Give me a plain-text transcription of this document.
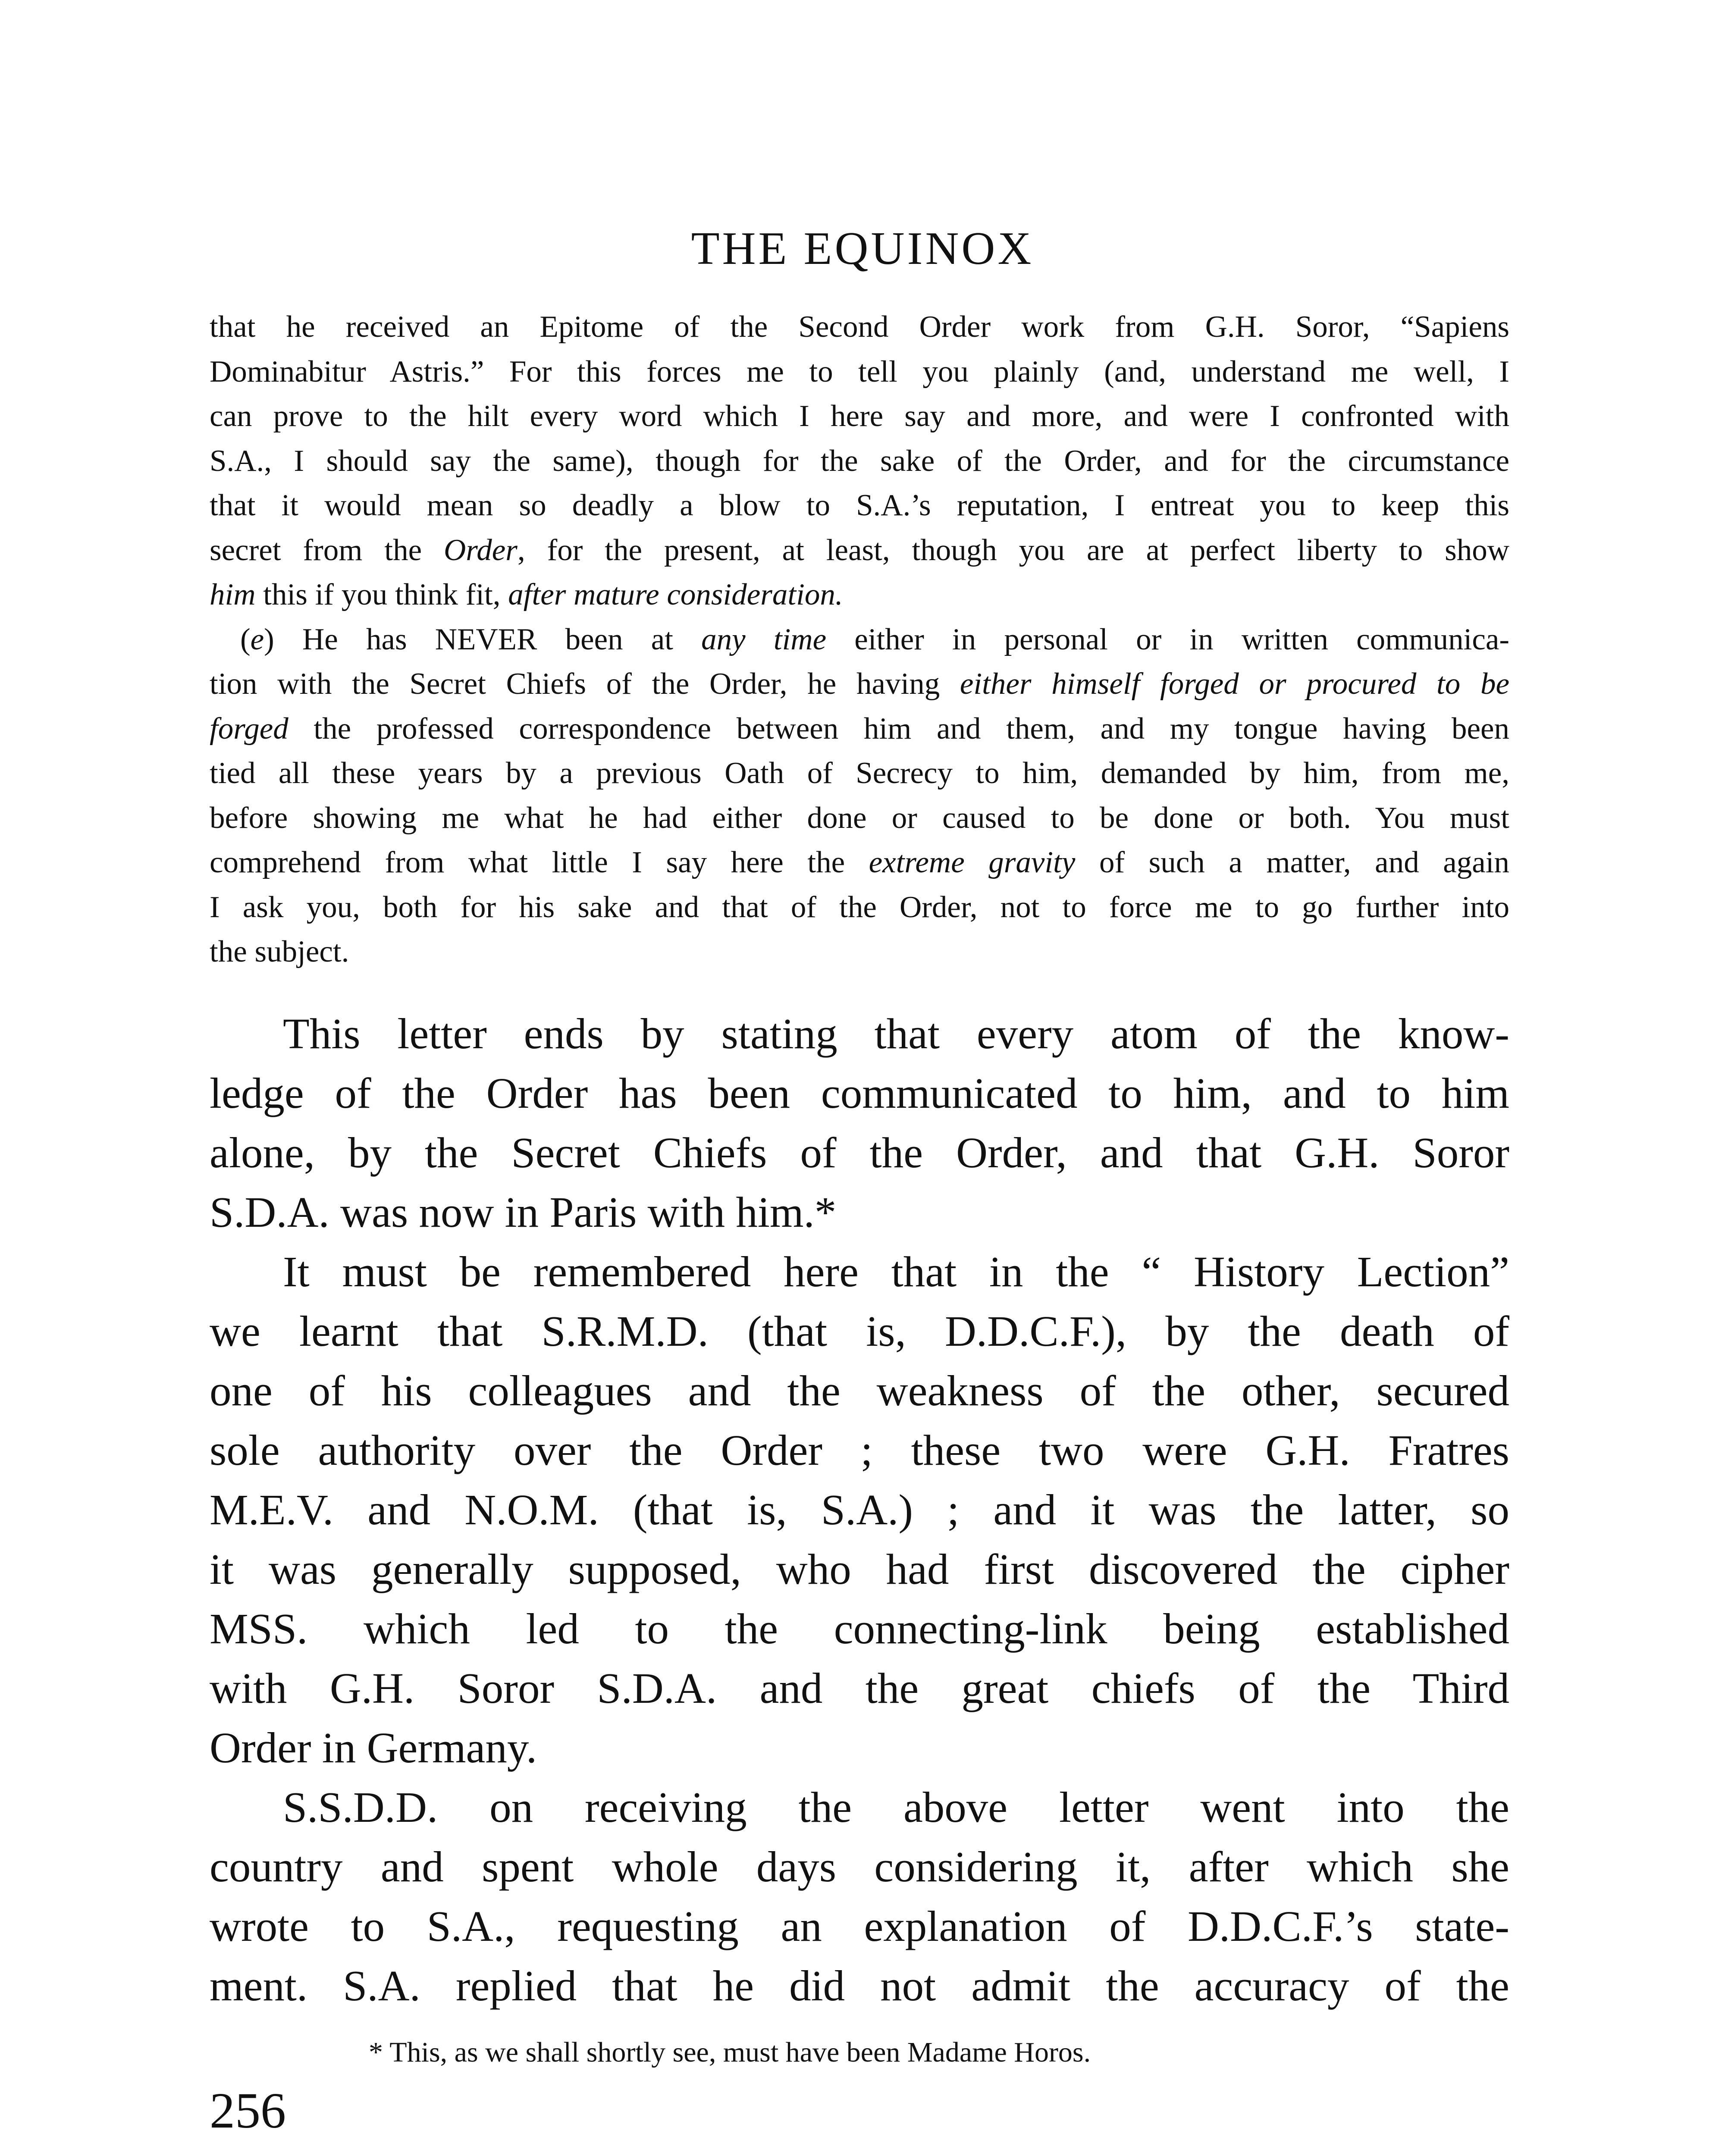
THE EQUINOX
that he received an Epitome of the Second Order work from G.H. Soror, “Sapiens
Dominabitur Astris.” For this forces me to tell you plainly (and, understand me well, I
can prove to the hilt every word which I here say and more, and were I confronted with
S.A., I should say the same), though for the sake of the Order, and for the circumstance
that it would mean so deadly a blow to S.A.’s reputation, I entreat you to keep this
secret from the Order, for the present, at least, though you are at perfect liberty to show
him this if you think fit, after mature consideration.
 (e) He has NEVER been at any time either in personal or in written communica-
tion with the Secret Chiefs of the Order, he having either himself forged or procured to be
forged the professed correspondence between him and them, and my tongue having been
tied all these years by a previous Oath of Secrecy to him, demanded by him, from me,
before showing me what he had either done or caused to be done or both. You must
comprehend from what little I say here the extreme gravity of such a matter, and again
I ask you, both for his sake and that of the Order, not to force me to go further into
the subject.
This letter ends by stating that every atom of the know-
ledge of the Order has been communicated to him, and to him
alone, by the Secret Chiefs of the Order, and that G.H. Soror
S.D.A. was now in Paris with him.*
It must be remembered here that in the “ History Lection”
we learnt that S.R.M.D. (that is, D.D.C.F.), by the death of
one of his colleagues and the weakness of the other, secured
sole authority over the Order ; these two were G.H. Fratres
M.E.V. and N.O.M. (that is, S.A.) ; and it was the latter, so
it was generally supposed, who had first discovered the cipher
MSS. which led to the connecting-link being established
with G.H. Soror S.D.A. and the great chiefs of the Third
Order in Germany.
S.S.D.D. on receiving the above letter went into the
country and spent whole days considering it, after which she
wrote to S.A., requesting an explanation of D.D.C.F.’s state-
ment. S.A. replied that he did not admit the accuracy of the
* This, as we shall shortly see, must have been Madame Horos.
256
